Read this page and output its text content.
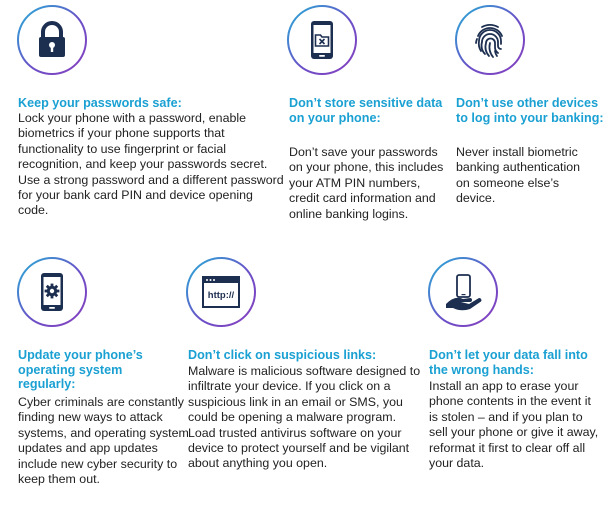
Keep your passwords safe:

Lock your phone with a password, enable biometrics if your phone supports that functionality to use fingerprint or facial recognition, and keep your passwords secret. Use a strong password and a different password for your bank card PIN and device opening code.

Don’t store sensitive data
on your phone:

Don’t save your passwords on your phone, this includes your ATM PIN numbers, credit card information and online banking logins.

Don’t use other devices to log into your banking:

Never install biometric banking authentication on someone else’s device.

Update your phone’s operating system regularly:

Cyber criminals are constantly finding new ways to attack systems, and operating system updates and app updates include new cyber security to keep them out.

http://

Don’t click on suspicious links:

Malware is malicious software designed to infiltrate your device. If you click on a suspicious link in an email or SMS, you could be opening a malware program. Load trusted antivirus software on your device to protect yourself and be vigilant about anything you open.

Don’t let your data fall into the wrong hands:

Install an app to erase your phone contents in the event it is stolen – and if you plan to sell your phone or give it away, reformat it first to clear off all your data.
